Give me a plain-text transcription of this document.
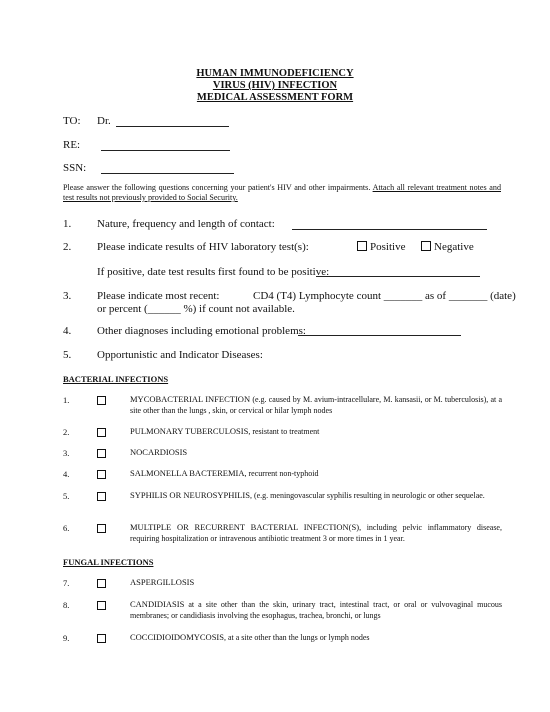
HUMAN IMMUNODEFICIENCY
VIRUS (HIV) INFECTION
MEDICAL ASSESSMENT FORM
TO: Dr.
RE:
SSN:
Please answer the following questions concerning your patient's HIV and other impairments. Attach all relevant treatment notes and test results not previously provided to Social Security.
1. Nature, frequency and length of contact:
2. Please indicate results of HIV laboratory test(s):	Positive	Negative
If positive, date test results first found to be positive:
3. Please indicate most recent:	CD4 (T4) Lymphocyte count _______ as of _______ (date)
or percent (______ %) if count not available.
4. Other diagnoses including emotional problems:
5. Opportunistic and Indicator Diseases:
BACTERIAL INFECTIONS
1.	MYCOBACTERIAL INFECTION (e.g. caused by M. avium-intracellulare, M. kansasii, or M. tuberculosis), at a site other than the lungs , skin, or cervical or hilar lymph nodes
2.	PULMONARY TUBERCULOSIS, resistant to treatment
3.	NOCARDIOSIS
4.	SALMONELLA BACTEREMIA, recurrent non-typhoid
5.	SYPHILIS OR NEUROSYPHILIS, (e.g. meningovascular syphilis resulting in neurologic or other sequelae.
6.	MULTIPLE OR RECURRENT BACTERIAL INFECTION(S), including pelvic inflammatory disease, requiring hospitalization or intravenous antibiotic treatment 3 or more times in 1 year.
FUNGAL INFECTIONS
7.	ASPERGILLOSIS
8.	CANDIDIASIS at a site other than the skin, urinary tract, intestinal tract, or oral or vulvovaginal mucous membranes; or candidiasis involving the esophagus, trachea, bronchi, or lungs
9.	COCCIDIOIDOMYCOSIS, at a site other than the lungs or lymph nodes
